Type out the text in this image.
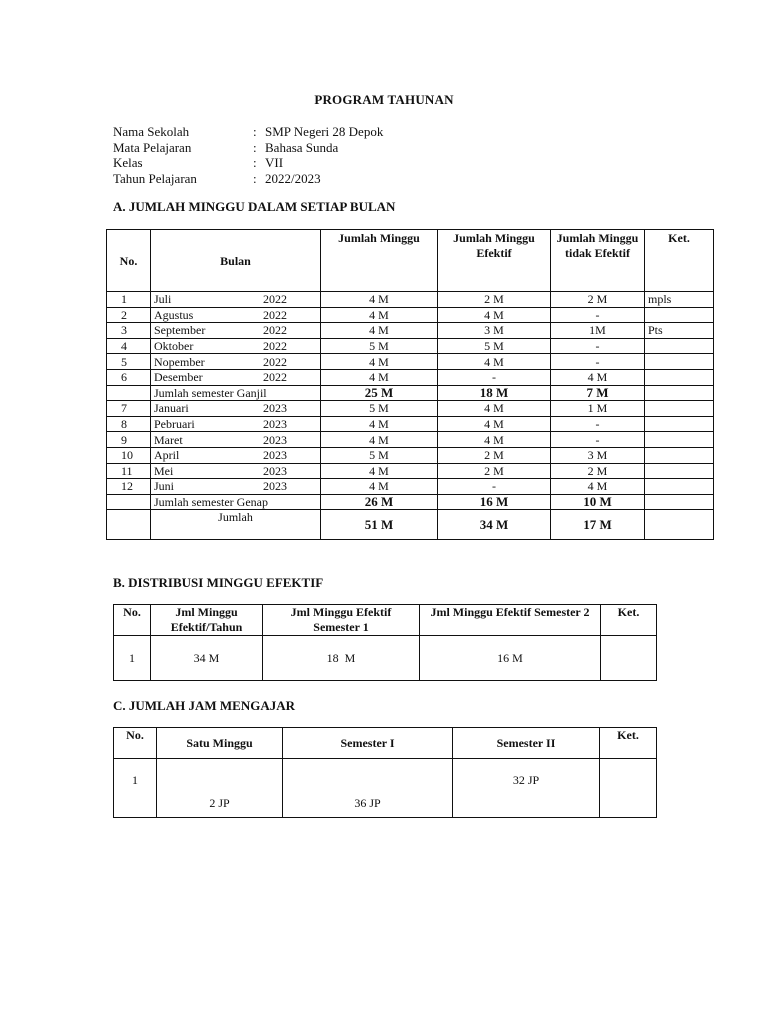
PROGRAM TAHUNAN
Nama Sekolah	: SMP Negeri 28 Depok
Mata Pelajaran	: Bahasa Sunda
Kelas	: VII
Tahun Pelajaran	: 2022/2023
A. JUMLAH MINGGU DALAM SETIAP BULAN
No.	Bulan	Jumlah Minggu	Jumlah Minggu Efektif	Jumlah Minggu tidak Efektif	Ket.
1	Juli 2022	4 M	2 M	2 M	mpls
2	Agustus 2022	4 M	4 M	-	
3	September 2022	4 M	3 M	1M	Pts
4	Oktober 2022	5 M	5 M	-	
5	Nopember 2022	4 M	4 M	-	
6	Desember 2022	4 M	-	4 M	
	Jumlah semester Ganjil	25 M	18 M	7 M	
7	Januari 2023	5 M	4 M	1 M	
8	Pebruari 2023	4 M	4 M	-	
9	Maret 2023	4 M	4 M	-	
10	April 2023	5 M	2 M	3 M	
11	Mei 2023	4 M	2 M	2 M	
12	Juni 2023	4 M	-	4 M	
	Jumlah semester Genap	26 M	16 M	10 M	
	Jumlah	51 M	34 M	17 M	
B. DISTRIBUSI MINGGU EFEKTIF
No.	Jml Minggu Efektif/Tahun	Jml Minggu Efektif Semester 1	Jml Minggu Efektif Semester 2	Ket.
1	34 M	18  M	16 M	
C. JUMLAH JAM MENGAJAR
No.	Satu Minggu	Semester I	Semester II	Ket.
1	2 JP	36 JP	32 JP	
